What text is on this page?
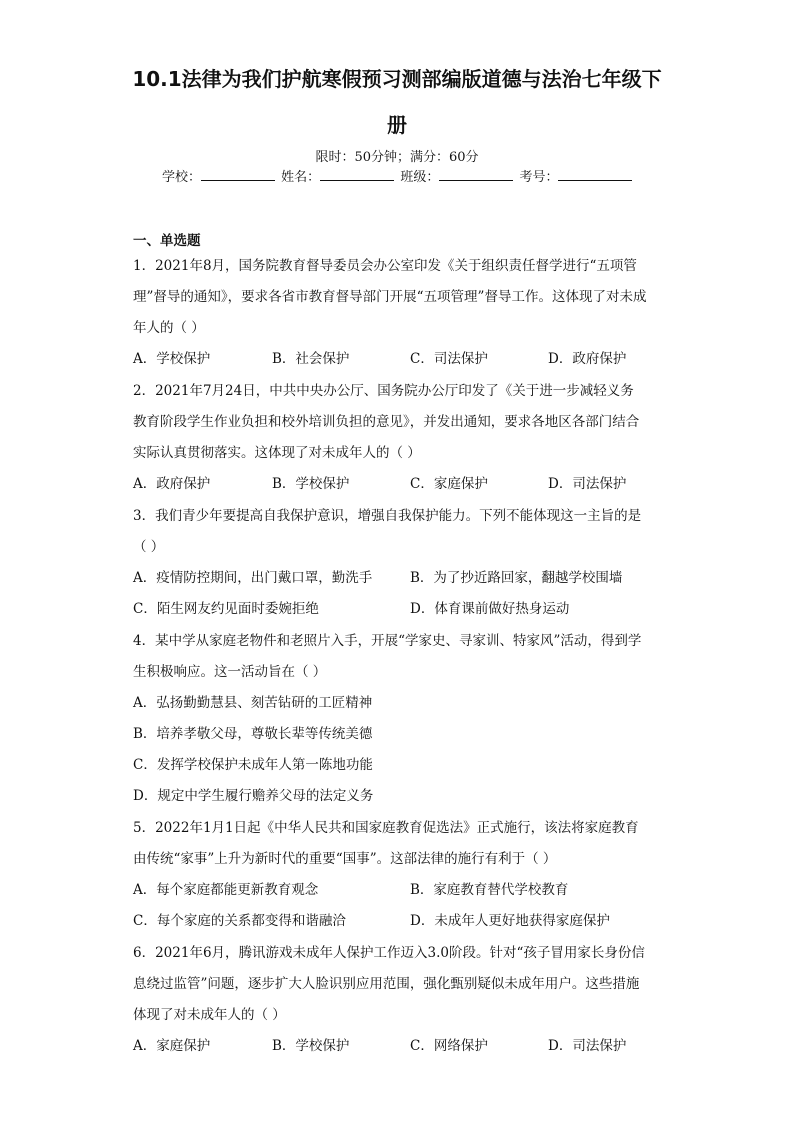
10.1法律为我们护航寒假预习测部编版道德与法治七年级下
册
限时：50分钟；满分：60分
学校：	姓名：	班级：	考号：
一、单选题
1．2021年8月，国务院教育督导委员会办公室印发《关于组织责任督学进行“五项管
理”督导的通知》，要求各省市教育督导部门开展“五项管理”督导工作。这体现了对未成
年人的（ ）
A．学校保护	B．社会保护	C．司法保护	D．政府保护
2．2021年7月24日，中共中央办公厅、国务院办公厅印发了《关于进一步减轻义务
教育阶段学生作业负担和校外培训负担的意见》，并发出通知，要求各地区各部门结合
实际认真贯彻落实。这体现了对未成年人的（ ）
A．政府保护	B．学校保护	C．家庭保护	D．司法保护
3．我们青少年要提高自我保护意识，增强自我保护能力。下列不能体现这一主旨的是
（ ）
A．疫情防控期间，出门戴口罩，勤洗手	B．为了抄近路回家，翻越学校围墙
C．陌生网友约见面时委婉拒绝	D．体育课前做好热身运动
4．某中学从家庭老物件和老照片入手，开展“学家史、寻家训、特家风”活动，得到学
生积极响应。这一活动旨在（ ）
A．弘扬勤勤慧县、刻苦钻研的工匠精神
B．培养孝敬父母，尊敬长辈等传统美德
C．发挥学校保护未成年人第一陈地功能
D．规定中学生履行赡养父母的法定义务
5．2022年1月1日起《中华人民共和国家庭教育促选法》正式施行，该法将家庭教育
由传统“家事”上升为新时代的重要“国事”。这部法律的施行有利于（ ）
A．每个家庭都能更新教育观念	B．家庭教育替代学校教育
C．每个家庭的关系都变得和谐融洽	D．未成年人更好地获得家庭保护
6．2021年6月，腾讯游戏未成年人保护工作迈入3.0阶段。针对“孩子冒用家长身份信
息绕过监管”问题，逐步扩大人脸识别应用范围，强化甄别疑似未成年用户。这些措施
体现了对未成年人的（ ）
A．家庭保护	B．学校保护	C．网络保护	D．司法保护
